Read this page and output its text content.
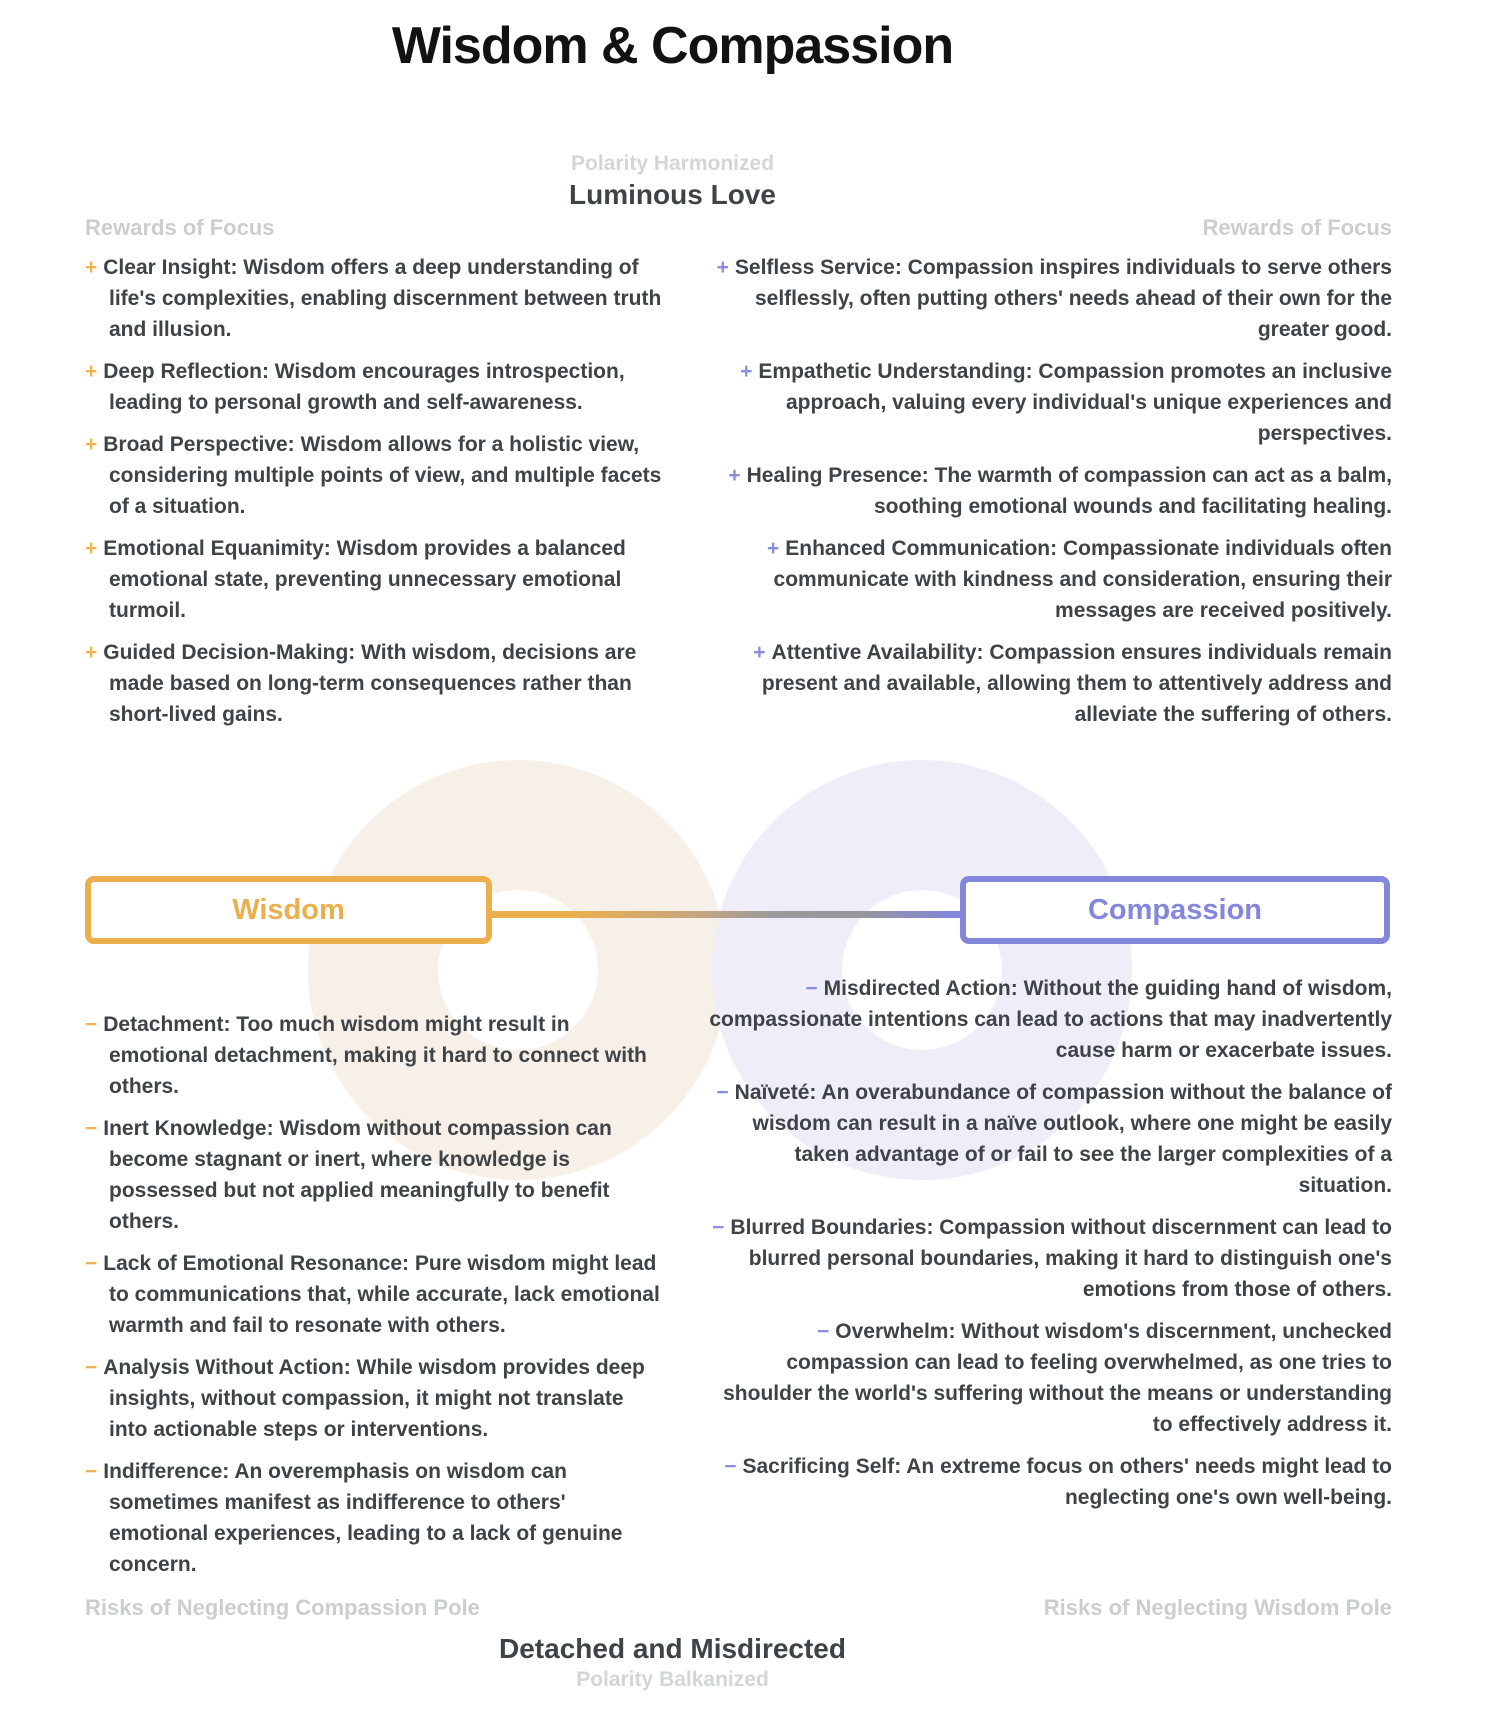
Wisdom & Compassion
Polarity Harmonized
Luminous Love
Rewards of Focus	Rewards of Focus
+ Clear Insight: Wisdom offers a deep understanding of life's complexities, enabling discernment between truth and illusion.
+ Deep Reflection: Wisdom encourages introspection, leading to personal growth and self-awareness.
+ Broad Perspective: Wisdom allows for a holistic view, considering multiple points of view, and multiple facets of a situation.
+ Emotional Equanimity: Wisdom provides a balanced emotional state, preventing unnecessary emotional turmoil.
+ Guided Decision-Making: With wisdom, decisions are made based on long-term consequences rather than short-lived gains.
+ Selfless Service: Compassion inspires individuals to serve others selflessly, often putting others' needs ahead of their own for the greater good.
+ Empathetic Understanding: Compassion promotes an inclusive approach, valuing every individual's unique experiences and perspectives.
+ Healing Presence: The warmth of compassion can act as a balm, soothing emotional wounds and facilitating healing.
+ Enhanced Communication: Compassionate individuals often communicate with kindness and consideration, ensuring their messages are received positively.
+ Attentive Availability: Compassion ensures individuals remain present and available, allowing them to attentively address and alleviate the suffering of others.
Wisdom	Compassion
− Detachment: Too much wisdom might result in emotional detachment, making it hard to connect with others.
− Inert Knowledge: Wisdom without compassion can become stagnant or inert, where knowledge is possessed but not applied meaningfully to benefit others.
− Lack of Emotional Resonance: Pure wisdom might lead to communications that, while accurate, lack emotional warmth and fail to resonate with others.
− Analysis Without Action: While wisdom provides deep insights, without compassion, it might not translate into actionable steps or interventions.
− Indifference: An overemphasis on wisdom can sometimes manifest as indifference to others' emotional experiences, leading to a lack of genuine concern.
− Misdirected Action: Without the guiding hand of wisdom, compassionate intentions can lead to actions that may inadvertently cause harm or exacerbate issues.
− Naïveté: An overabundance of compassion without the balance of wisdom can result in a naïve outlook, where one might be easily taken advantage of or fail to see the larger complexities of a situation.
− Blurred Boundaries: Compassion without discernment can lead to blurred personal boundaries, making it hard to distinguish one's emotions from those of others.
− Overwhelm: Without wisdom's discernment, unchecked compassion can lead to feeling overwhelmed, as one tries to shoulder the world's suffering without the means or understanding to effectively address it.
− Sacrificing Self: An extreme focus on others' needs might lead to neglecting one's own well-being.
Risks of Neglecting Compassion Pole	Risks of Neglecting Wisdom Pole
Detached and Misdirected
Polarity Balkanized
